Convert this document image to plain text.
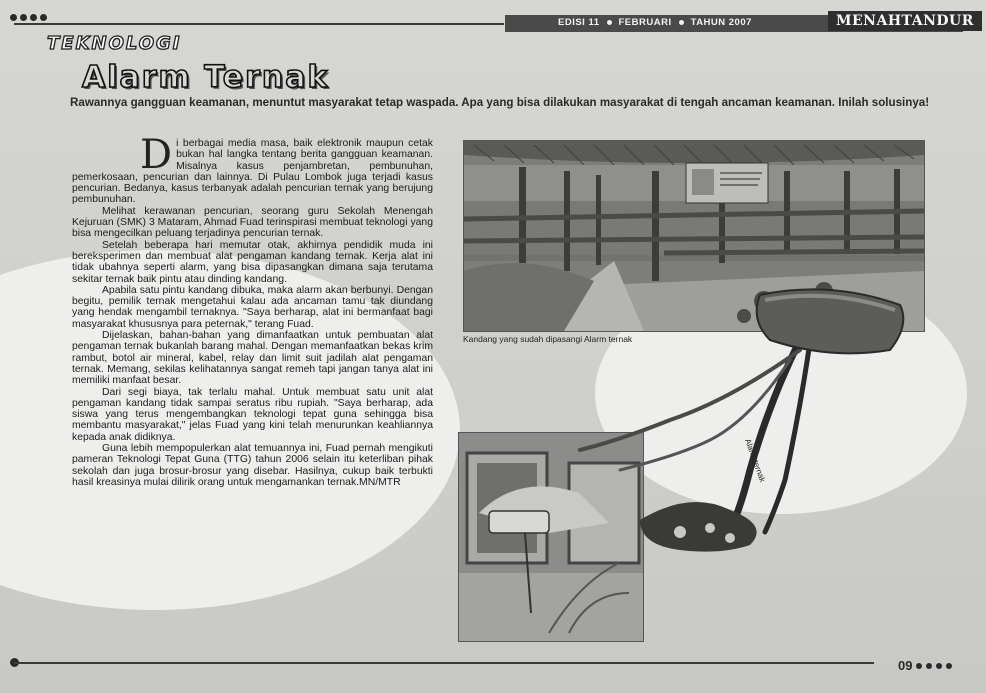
EDISI 11 FEBRUARI TAHUN 2007	MENAHTANDUR
TEKNOLOGI
Alarm Ternak
Rawannya gangguan keamanan, menuntut masyarakat tetap waspada. Apa yang bisa dilakukan masyarakat di tengah ancaman keamanan. Inilah solusinya!

Di berbagai media masa, baik elektronik maupun cetak bukan hal langka tentang berita gangguan keamanan. Misalnya kasus penjambretan, pembunuhan, pemerkosaan, pencurian dan lainnya. Di Pulau Lombok juga terjadi kasus pencurian. Bedanya, kasus terbanyak adalah pencurian ternak yang berujung pembunuhan.

Melihat kerawanan pencurian, seorang guru Sekolah Menengah Kejuruan (SMK) 3 Mataram, Ahmad Fuad terinspirasi membuat teknologi yang bisa mengecilkan peluang terjadinya pencurian ternak.

Setelah beberapa hari memutar otak, akhirnya pendidik muda ini bereksperimen dan membuat alat pengaman kandang ternak. Kerja alat ini tidak ubahnya seperti alarm, yang bisa dipasangkan dimana saja terutama sekitar ternak baik pintu atau dinding kandang.

Apabila satu pintu kandang dibuka, maka alarm akan berbunyi. Dengan begitu, pemilik ternak mengetahui kalau ada ancaman tamu tak diundang yang hendak mengambil ternaknya. "Saya berharap, alat ini bermanfaat bagi masyarakat khususnya para peternak," terang Fuad.

Dijelaskan, bahan-bahan yang dimanfaatkan untuk pembuatan alat pengaman ternak bukanlah barang mahal. Dengan memanfaatkan bekas krim rambut, botol air mineral, kabel, relay dan limit suit jadilah alat pengaman ternak. Memang, sekilas kelihatannya sangat remeh tapi jangan tanya alat ini memiliki manfaat besar.

Dari segi biaya, tak terlalu mahal. Untuk membuat satu unit alat pengaman kandang tidak sampai seratus ribu rupiah. "Saya berharap, ada siswa yang terus mengembangkan teknologi tepat guna sehingga bisa membantu masyarakat," jelas Fuad yang kini telah menurunkan keahliannya kepada anak didiknya.

Guna lebih mempopulerkan alat temuannya ini, Fuad pernah mengikuti pameran Teknologi Tepat Guna (TTG) tahun 2006 selain itu keterliban pihak sekolah dan juga brosur-brosur yang disebar. Hasilnya, cukup baik terbukti hasil kreasinya mulai dilirik orang untuk mengamankan ternak.MN/MTR

Kandang yang sudah dipasangi Alarm ternak
Alarm ternak
09
